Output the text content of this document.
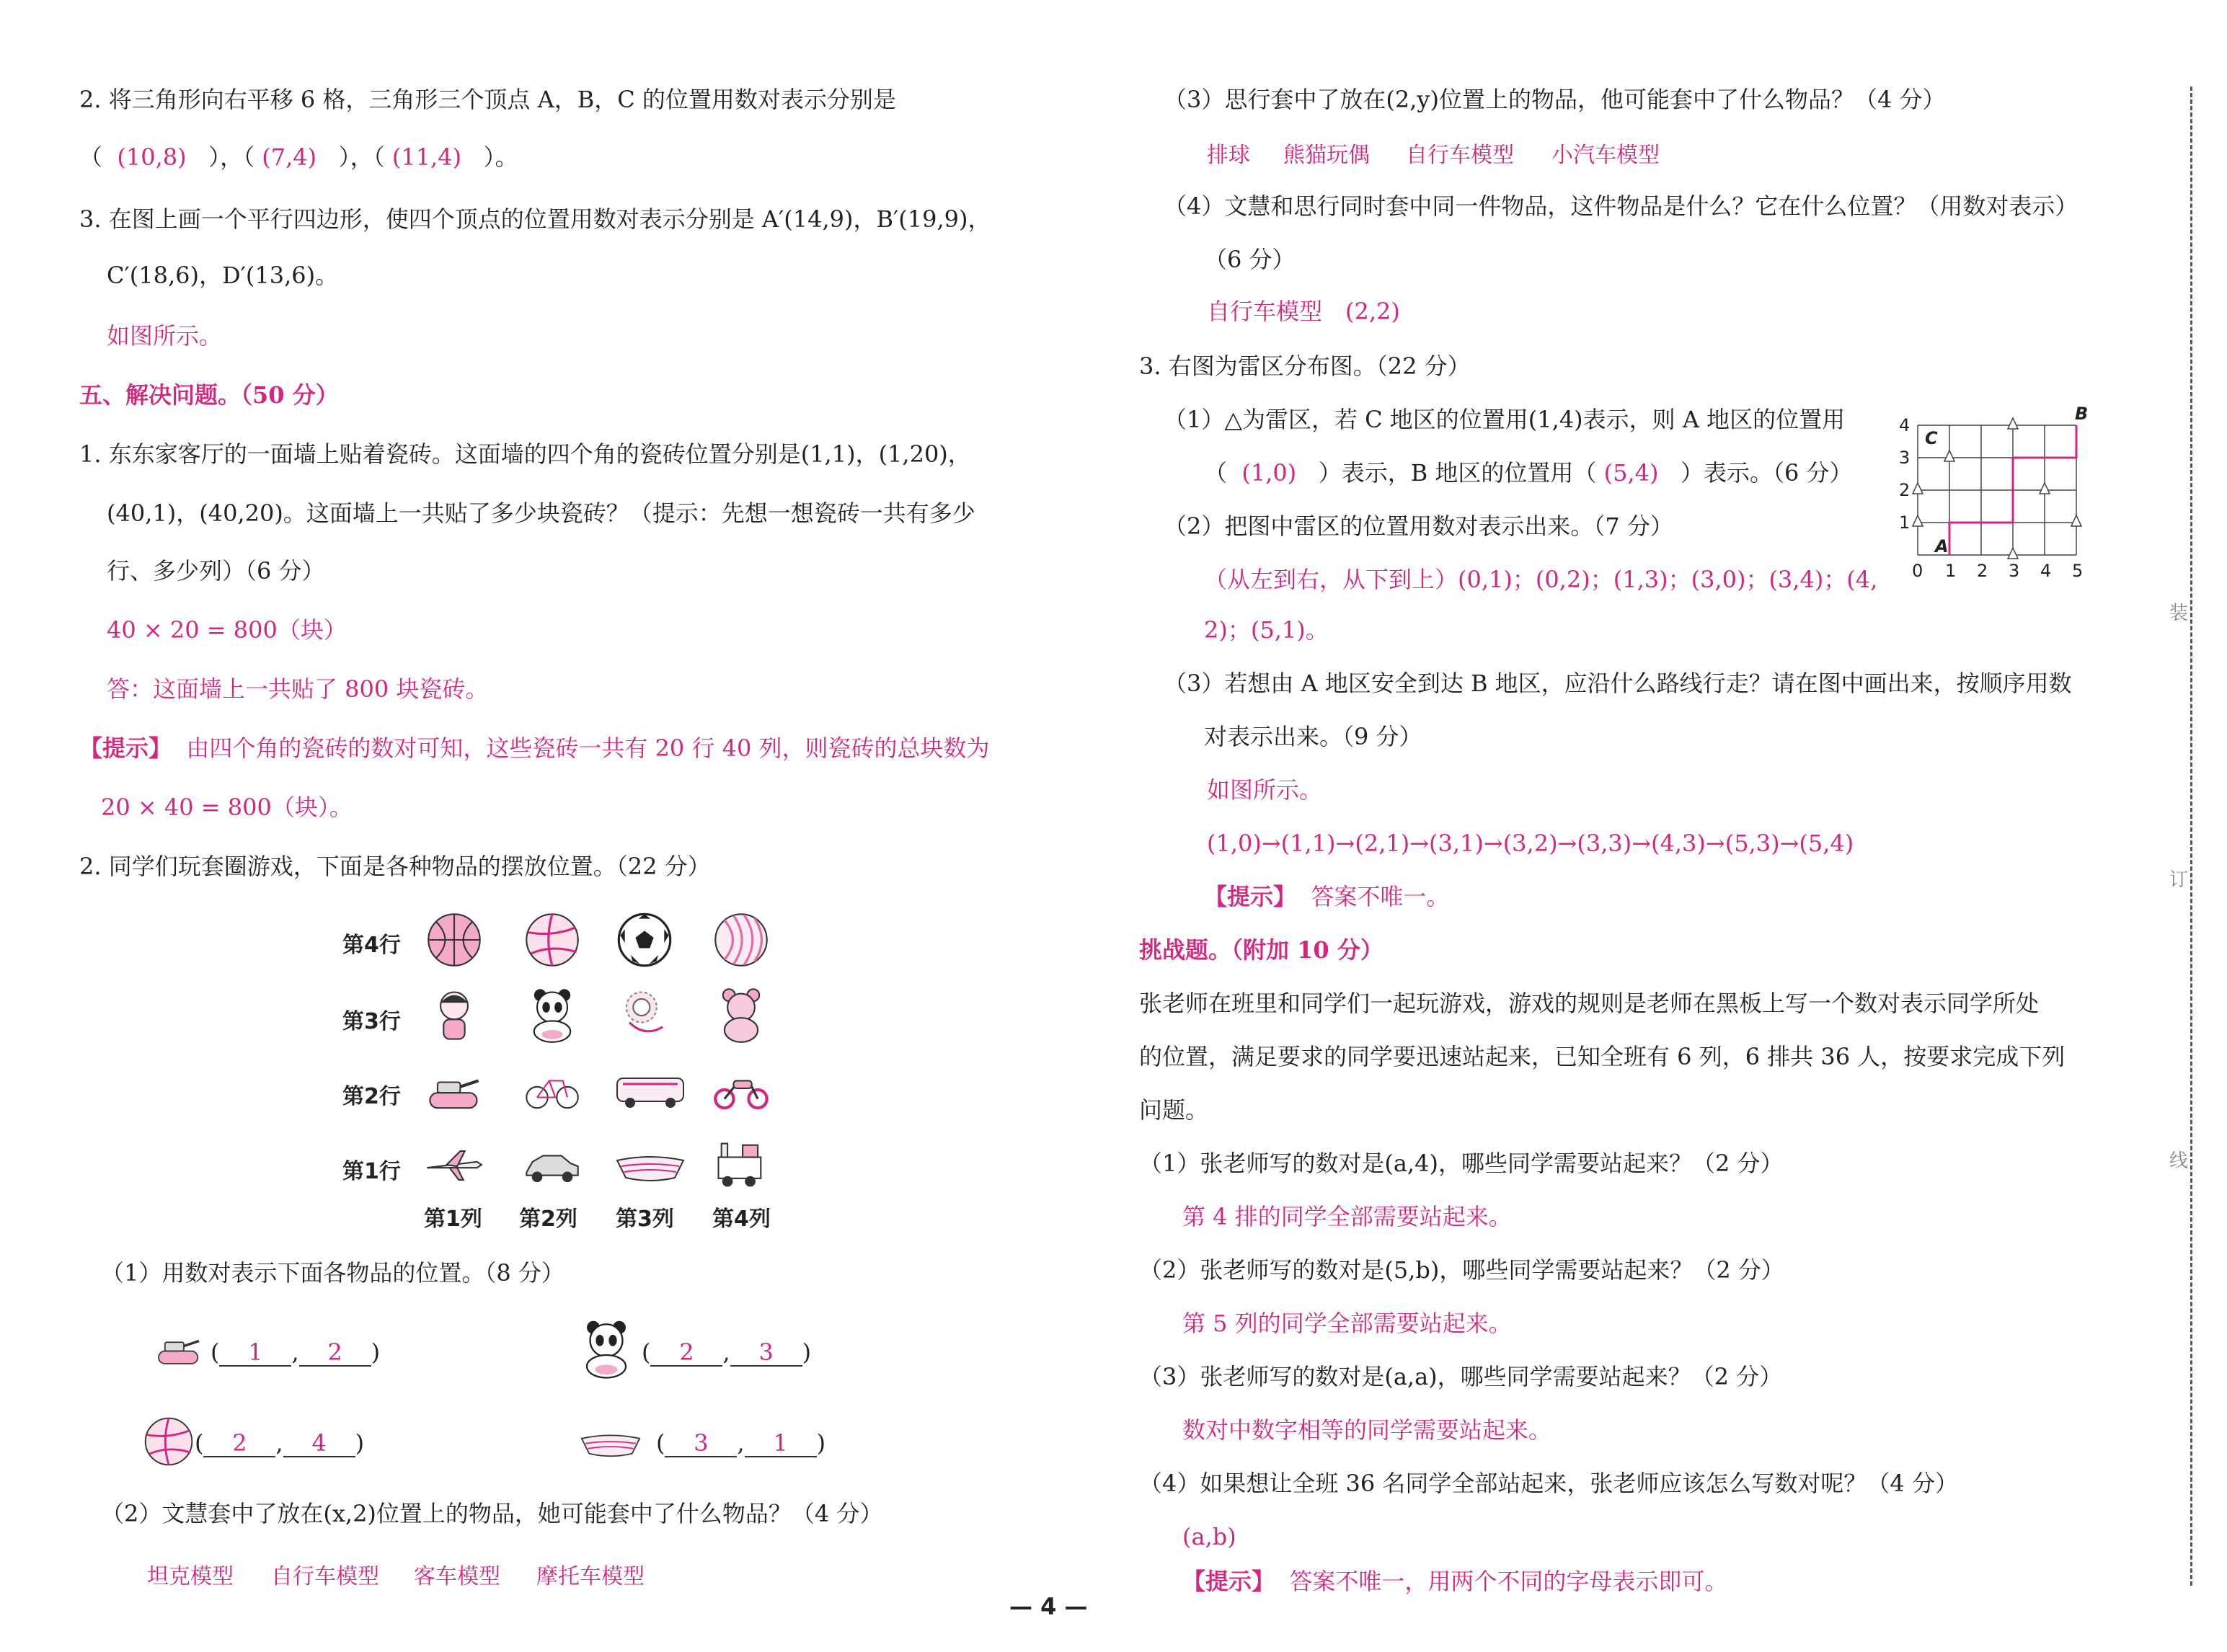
2. 将三角形向右平移 6 格，三角形三个顶点 A，B，C 的位置用数对表示分别是
（ (10,8) ），（ (7,4) ），（ (11,4) ）。
3. 在图上画一个平行四边形，使四个顶点的位置用数对表示分别是 A′(14,9)，B′(19,9)，
C′(18,6)，D′(13,6)。
如图所示。
五、解决问题。（50 分）
1. 东东家客厅的一面墙上贴着瓷砖。这面墙的四个角的瓷砖位置分别是(1,1)，(1,20)，
(40,1)，(40,20)。这面墙上一共贴了多少块瓷砖？（提示：先想一想瓷砖一共有多少
行、多少列）（6 分）
40 × 20 = 800（块）
答：这面墙上一共贴了 800 块瓷砖。
【提示】 由四个角的瓷砖的数对可知，这些瓷砖一共有 20 行 40 列，则瓷砖的总块数为
20 × 40 = 800（块）。
2. 同学们玩套圈游戏，下面是各种物品的摆放位置。（22 分）
第4行
第3行
第2行
第1行
第1列 第2列 第3列 第4列
（1）用数对表示下面各物品的位置。（8 分）
( 1 , 2 )	( 2 , 3 )
( 2 , 4 )	( 3 , 1 )
（2）文慧套中了放在(x,2)位置上的物品，她可能套中了什么物品？（4 分）
坦克模型 自行车模型 客车模型 摩托车模型
（3）思行套中了放在(2,y)位置上的物品，他可能套中了什么物品？（4 分）
排球 熊猫玩偶 自行车模型 小汽车模型
（4）文慧和思行同时套中同一件物品，这件物品是什么？它在什么位置？（用数对表示）
（6 分）
自行车模型　(2,2)
3. 右图为雷区分布图。（22 分）
（1）△为雷区，若 C 地区的位置用(1,4)表示，则 A 地区的位置用
（ (1,0) ）表示，B 地区的位置用（ (5,4) ）表示。（6 分）
（2）把图中雷区的位置用数对表示出来。（7 分）
（从左到右，从下到上）(0,1)；(0,2)；(1,3)；(3,0)；(3,4)；(4,
2)；(5,1)。
0 1 2 3 4 5
1
2
3
4
A
B
C
（3）若想由 A 地区安全到达 B 地区，应沿什么路线行走？请在图中画出来，按顺序用数
对表示出来。（9 分）
如图所示。
(1,0)→(1,1)→(2,1)→(3,1)→(3,2)→(3,3)→(4,3)→(5,3)→(5,4)
【提示】 答案不唯一。
挑战题。（附加 10 分）
张老师在班里和同学们一起玩游戏，游戏的规则是老师在黑板上写一个数对表示同学所处
的位置，满足要求的同学要迅速站起来，已知全班有 6 列，6 排共 36 人，按要求完成下列
问题。
（1）张老师写的数对是(a,4)，哪些同学需要站起来？（2 分）
第 4 排的同学全部需要站起来。
（2）张老师写的数对是(5,b)，哪些同学需要站起来？（2 分）
第 5 列的同学全部需要站起来。
（3）张老师写的数对是(a,a)，哪些同学需要站起来？（2 分）
数对中数字相等的同学需要站起来。
（4）如果想让全班 36 名同学全部站起来，张老师应该怎么写数对呢？（4 分）
(a,b)
【提示】 答案不唯一，用两个不同的字母表示即可。
装
订
线
— 4 —
